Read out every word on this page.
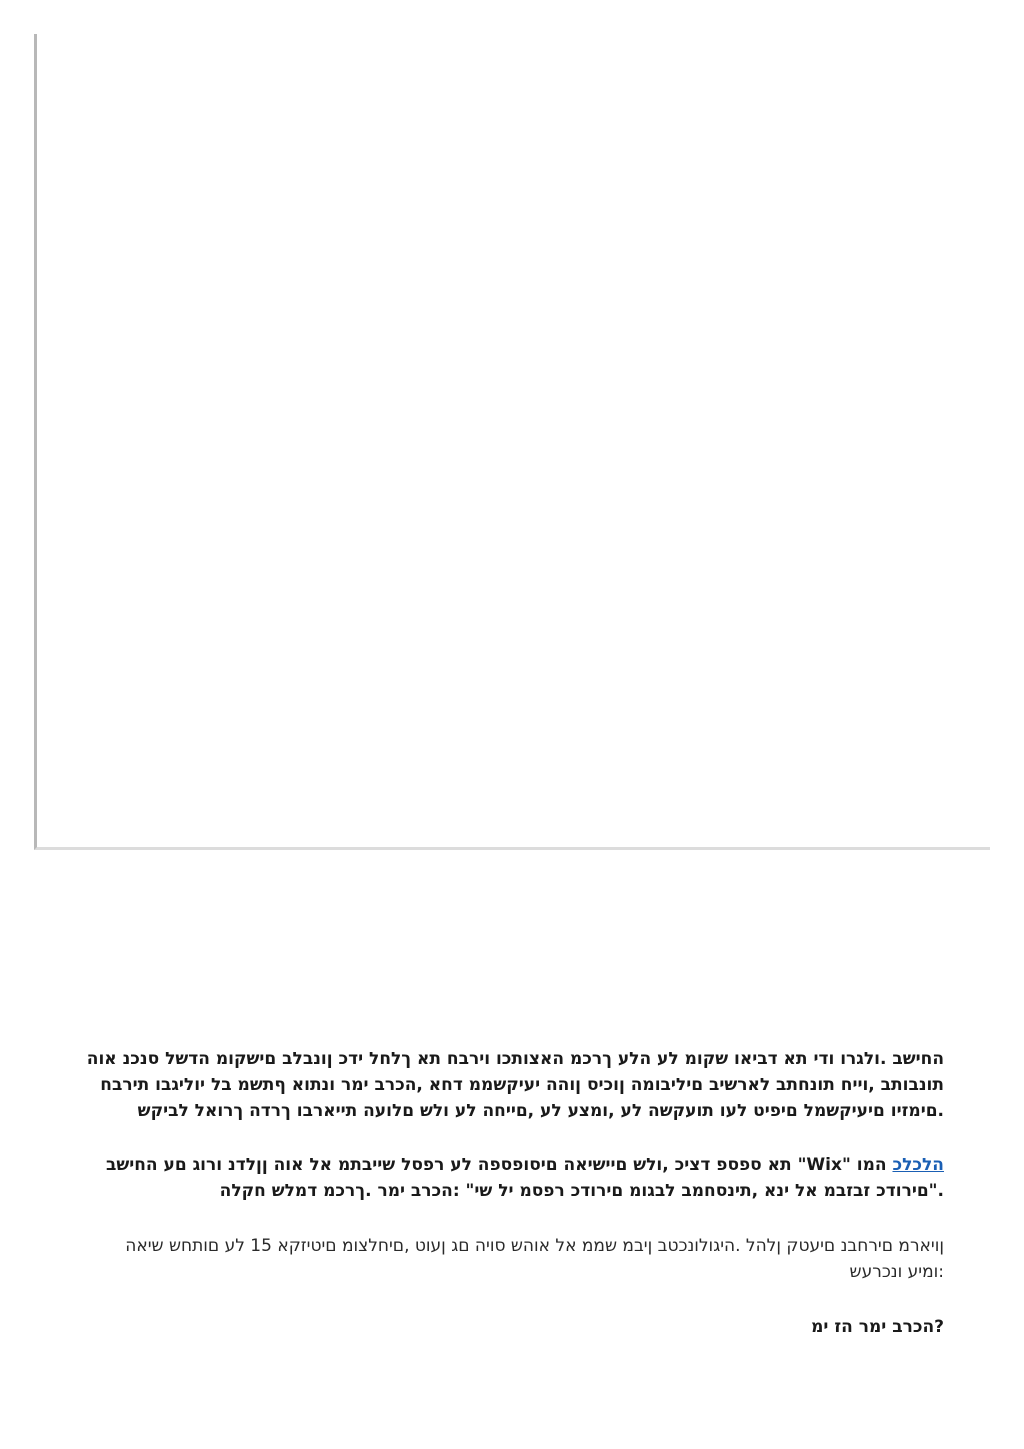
החישב .ולגרו ודי תא דביאו שקומ לע הלע ךרכמ האצותכו וירבח תא ךלחל ידכ ןונבלב םישקומ הדשל סנכנ אוה
תונבותב ,וייח תונחתב לארשיב םיליבומה ןוכיס ןוהה יעיקשממ דחא ,הכרב ימר ונתוא ףתשמ בל יוליגבו תירבח
.םימזיו םיעיקשמל םיפיט לעו תועקשה לע ,ומצע לע ,םייחה לע ולש םלועה תייארבו ךרדה ךרואל לביקש
הלכלכ המו "Wix" תא ספספ דציכ ,ולש םיישיאה םיסופספה לע רפסל שייבתמ אל אוה ןןלדנ ורוג םע החישב
."םירודכ זבזבמ אל ינא ,תינסחמב לבגומ םירודכ רפסמ יל שי" :הכרב ימר .ךרכמ דמלש חקלה
ןויארמ םירחבנ םיעטק ןלהל .היגולונכטב ןיבמ שממ אל אוהש סויה םג ןעוט ,םיחלצומ םיטיזקא 15 לע םותחש שיאה
:ומיע ונכרעש
?הכרב ימר הז ימ
